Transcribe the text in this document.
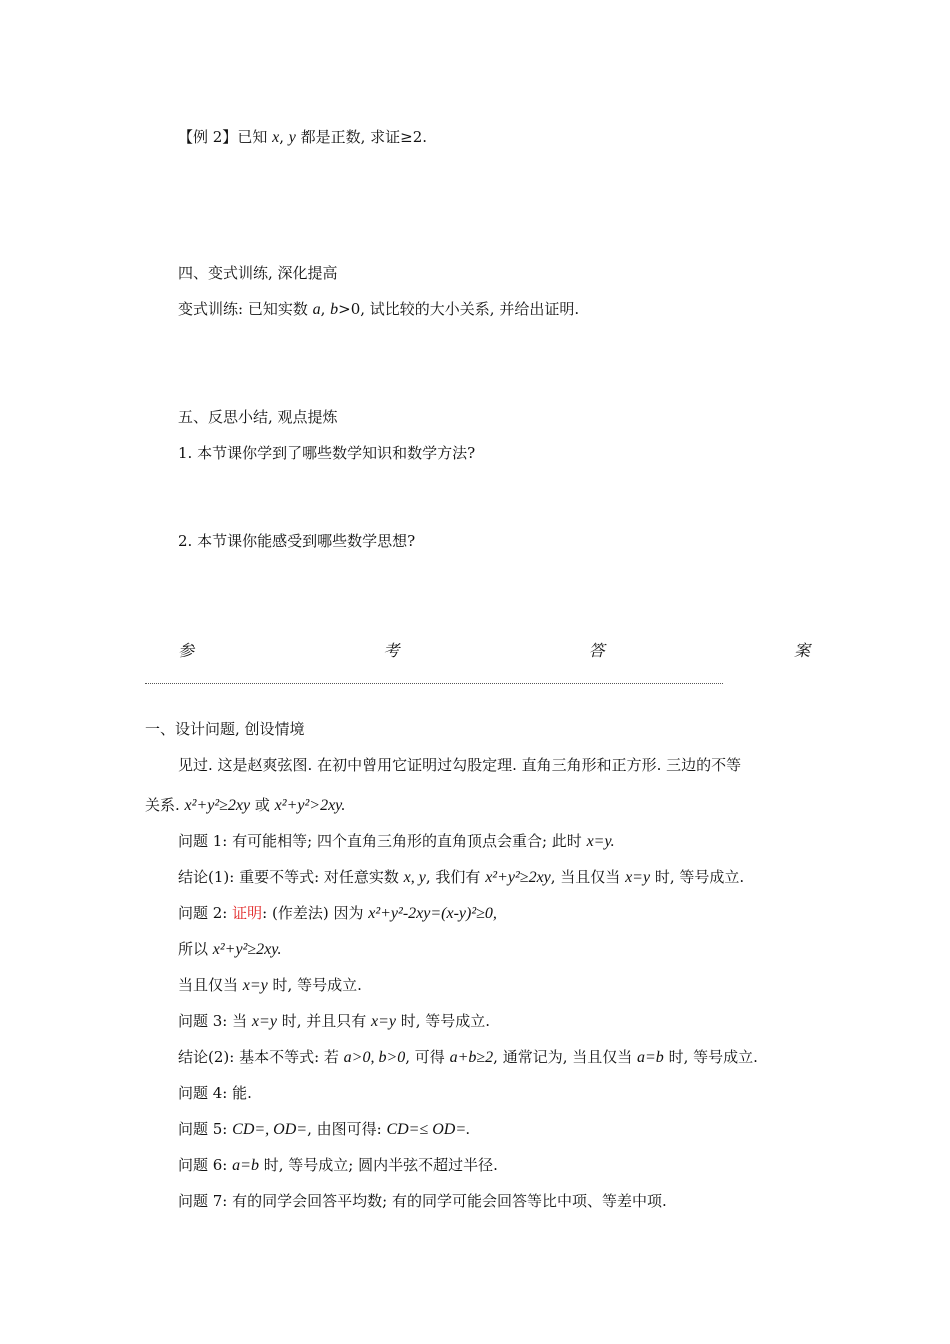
【例 2】已知 x, y 都是正数, 求证≥2.
四、变式训练, 深化提高
变式训练: 已知实数 a, b>0, 试比较的大小关系, 并给出证明.
五、反思小结, 观点提炼
1. 本节课你学到了哪些数学知识和数学方法?
2. 本节课你能感受到哪些数学思想?
参	考	答	案
一、设计问题, 创设情境
见过. 这是赵爽弦图. 在初中曾用它证明过勾股定理. 直角三角形和正方形. 三边的不等
关系. x²+y²≥2xy 或 x²+y²>2xy.
问题 1: 有可能相等; 四个直角三角形的直角顶点会重合; 此时 x=y.
结论(1): 重要不等式: 对任意实数 x, y, 我们有 x²+y²≥2xy, 当且仅当 x=y 时, 等号成立.
问题 2: 证明: (作差法) 因为 x²+y²-2xy=(x-y)²≥0,
所以 x²+y²≥2xy.
当且仅当 x=y 时, 等号成立.
问题 3: 当 x=y 时, 并且只有 x=y 时, 等号成立.
结论(2): 基本不等式: 若 a>0, b>0, 可得 a+b≥2, 通常记为, 当且仅当 a=b 时, 等号成立.
问题 4: 能.
问题 5: CD=, OD=, 由图可得: CD=≤ OD=.
问题 6: a=b 时, 等号成立; 圆内半弦不超过半径.
问题 7: 有的同学会回答平均数; 有的同学可能会回答等比中项、等差中项.
